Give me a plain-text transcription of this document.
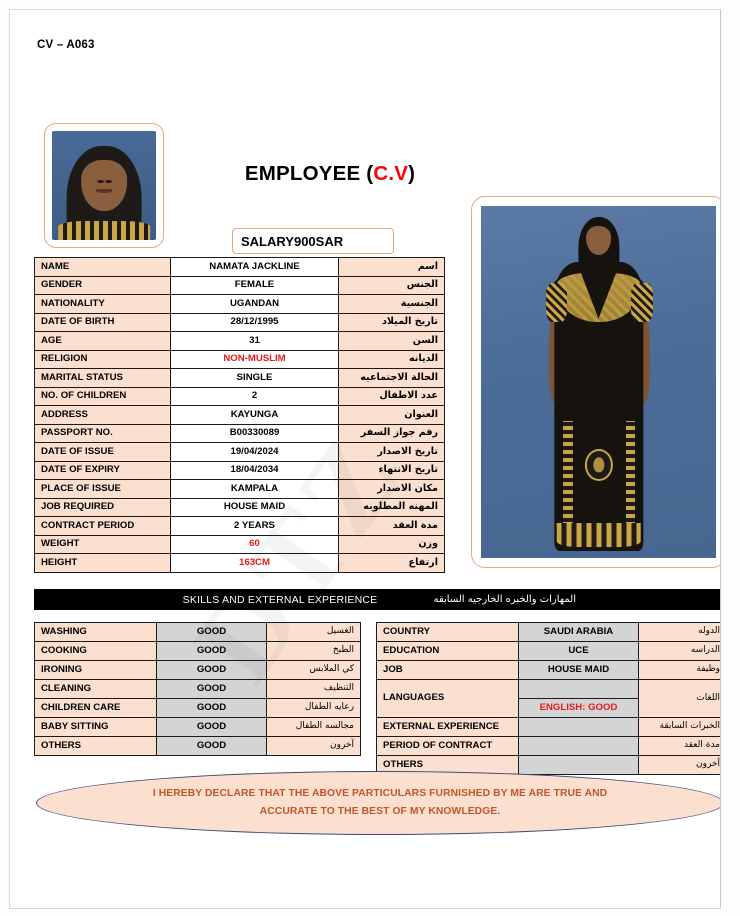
CV – A063
EMPLOYEE (C.V)
SALARY900SAR
NAME	NAMATA JACKLINE	اسم
GENDER	FEMALE	الجنس
NATIONALITY	UGANDAN	الجنسية
DATE OF BIRTH	28/12/1995	تاريخ الميلاد
AGE	31	السن
RELIGION	NON-MUSLIM	الديانه
MARITAL STATUS	SINGLE	الحالة الاجتماعيه
NO. OF CHILDREN	2	عدد الاطفال
ADDRESS	KAYUNGA	العنوان
PASSPORT NO.	B00330089	رقم جواز السفر
DATE OF ISSUE	19/04/2024	تاريخ الاصدار
DATE OF EXPIRY	18/04/2034	تاريخ الانتهاء
PLACE OF ISSUE	KAMPALA	مكان الاصدار
JOB REQUIRED	HOUSE MAID	المهنه المطلوبه
CONTRACT PERIOD	2 YEARS	مدة العقد
WEIGHT	60	وزن
HEIGHT	163CM	ارتفاع
SKILLS AND EXTERNAL EXPERIENCE	المهارات والخبره الخارجيه السابقه
WASHING	GOOD	الغسيل
COOKING	GOOD	الطبخ
IRONING	GOOD	كي الملابس
CLEANING	GOOD	التنظيف
CHILDREN CARE	GOOD	رعايه الطفال
BABY SITTING	GOOD	مجالسه الطفال
OTHERS	GOOD	آخرون
COUNTRY	SAUDI ARABIA	الدوله
EDUCATION	UCE	الدراسه
JOB	HOUSE MAID	وظيفة
LANGUAGES		اللغات
	ENGLISH: GOOD	
EXTERNAL EXPERIENCE		الخبرات السابقة
PERIOD OF CONTRACT		مدة العقد
OTHERS		آخرون
I HEREBY DECLARE THAT THE ABOVE PARTICULARS FURNISHED BY ME ARE TRUE AND
ACCURATE TO THE BEST OF MY KNOWLEDGE.
